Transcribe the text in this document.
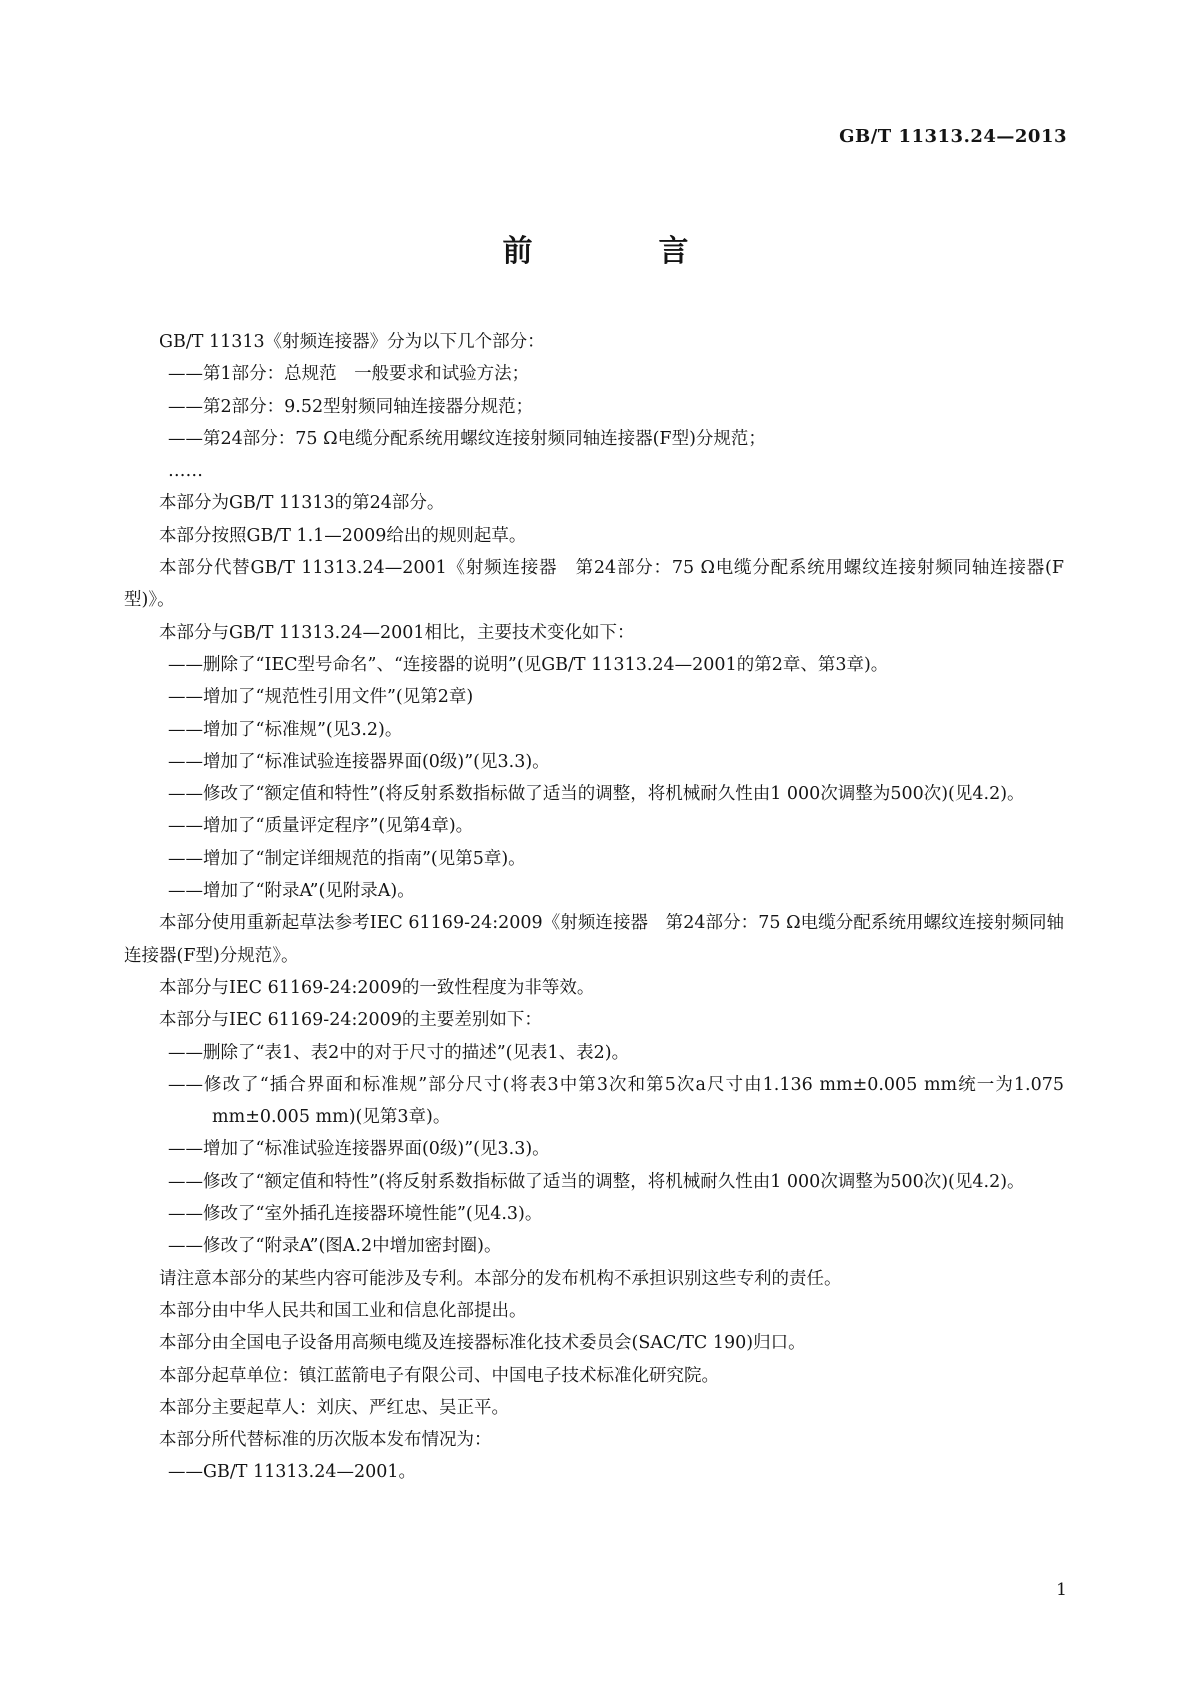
GB/T 11313.24—2013
前　言

GB/T 11313《射频连接器》分为以下几个部分：

——第1部分：总规范　一般要求和试验方法；

——第2部分：9.52型射频同轴连接器分规范；

——第24部分：75 Ω电缆分配系统用螺纹连接射频同轴连接器(F型)分规范；

……

本部分为GB/T 11313的第24部分。

本部分按照GB/T 1.1—2009给出的规则起草。

本部分代替GB/T 11313.24—2001《射频连接器　第24部分：75 Ω电缆分配系统用螺纹连接射频同轴连接器(F型)》。

本部分与GB/T 11313.24—2001相比，主要技术变化如下：

——删除了“IEC型号命名”、“连接器的说明”(见GB/T 11313.24—2001的第2章、第3章)。

——增加了“规范性引用文件”(见第2章)

——增加了“标准规”(见3.2)。

——增加了“标准试验连接器界面(0级)”(见3.3)。

——修改了“额定值和特性”(将反射系数指标做了适当的调整，将机械耐久性由1 000次调整为500次)(见4.2)。

——增加了“质量评定程序”(见第4章)。

——增加了“制定详细规范的指南”(见第5章)。

——增加了“附录A”(见附录A)。

本部分使用重新起草法参考IEC 61169-24:2009《射频连接器　第24部分：75 Ω电缆分配系统用螺纹连接射频同轴连接器(F型)分规范》。

本部分与IEC 61169-24:2009的一致性程度为非等效。

本部分与IEC 61169-24:2009的主要差别如下：

——删除了“表1、表2中的对于尺寸的描述”(见表1、表2)。

——修改了“插合界面和标准规”部分尺寸(将表3中第3次和第5次a尺寸由1.136 mm±0.005 mm统一为1.075 mm±0.005 mm)(见第3章)。

——增加了“标准试验连接器界面(0级)”(见3.3)。

——修改了“额定值和特性”(将反射系数指标做了适当的调整，将机械耐久性由1 000次调整为500次)(见4.2)。

——修改了“室外插孔连接器环境性能”(见4.3)。

——修改了“附录A”(图A.2中增加密封圈)。

请注意本部分的某些内容可能涉及专利。本部分的发布机构不承担识别这些专利的责任。

本部分由中华人民共和国工业和信息化部提出。

本部分由全国电子设备用高频电缆及连接器标准化技术委员会(SAC/TC 190)归口。

本部分起草单位：镇江蓝箭电子有限公司、中国电子技术标准化研究院。

本部分主要起草人：刘庆、严红忠、吴正平。

本部分所代替标准的历次版本发布情况为：

——GB/T 11313.24—2001。

1
